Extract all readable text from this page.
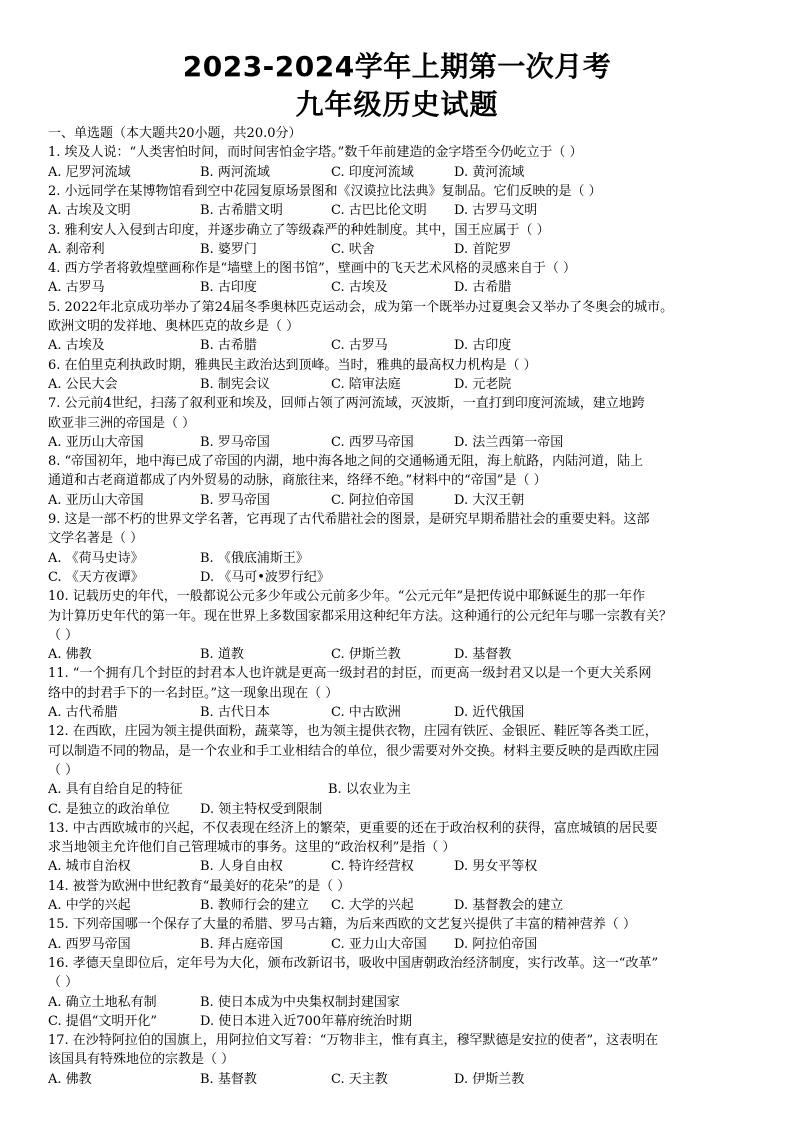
2023-2024学年上期第一次月考
九年级历史试题
一、单选题（本大题共20小题，共20.0分）
1. 埃及人说：“人类害怕时间，而时间害怕金字塔。”数千年前建造的金字塔至今仍屹立于（ ）
A. 尼罗河流域	B. 两河流域	C. 印度河流域	D. 黄河流域
2. 小远同学在某博物馆看到空中花园复原场景图和《汉谟拉比法典》复制品。它们反映的是（ ）
A. 古埃及文明	B. 古希腊文明	C. 古巴比伦文明 D. 古罗马文明
3. 雅利安人入侵到古印度，并逐步确立了等级森严的种姓制度。其中，国王应属于（ ）
A. 刹帝利	B. 婆罗门	C. 吠舍	D. 首陀罗
4. 西方学者将敦煌壁画称作是“墙壁上的图书馆”，壁画中的飞天艺术风格的灵感来自于（ ）
A. 古罗马	B. 古印度	C. 古埃及	D. 古希腊
5. 2022年北京成功举办了第24届冬季奥林匹克运动会，成为第一个既举办过夏奥会又举办了冬奥会的城市。
欧洲文明的发祥地、奥林匹克的故乡是（ ）
A. 古埃及	B. 古希腊	C. 古罗马	D. 古印度
6. 在伯里克利执政时期，雅典民主政治达到顶峰。当时，雅典的最高权力机构是（ ）
A. 公民大会	B. 制宪会议	C. 陪审法庭	D. 元老院
7. 公元前4世纪，扫荡了叙利亚和埃及，回师占领了两河流域，灭波斯，一直打到印度河流域，建立地跨
欧亚非三洲的帝国是（ ）
A. 亚历山大帝国	B. 罗马帝国	C. 西罗马帝国	D. 法兰西第一帝国
8. “帝国初年，地中海已成了帝国的内湖，地中海各地之间的交通畅通无阻，海上航路，内陆河道，陆上
通道和古老商道都成了内外贸易的动脉，商旅往来，络绎不绝。”材料中的“帝国”是（ ）
A. 亚历山大帝国	B. 罗马帝国	C. 阿拉伯帝国	D. 大汉王朝
9. 这是一部不朽的世界文学名著，它再现了古代希腊社会的图景，是研究早期希腊社会的重要史料。这部
文学名著是（ ）
A. 《荷马史诗》	B. 《俄底浦斯王》
C. 《天方夜谭》	D. 《马可•波罗行纪》
10. 记载历史的年代，一般都说公元多少年或公元前多少年。“公元元年”是把传说中耶稣诞生的那一年作
为计算历史年代的第一年。现在世界上多数国家都采用这种纪年方法。这种通行的公元纪年与哪一宗教有关？
（ ）
A. 佛教	B. 道教	C. 伊斯兰教	D. 基督教
11. “一个拥有几个封臣的封君本人也许就是更高一级封君的封臣，而更高一级封君又以是一个更大关系网
络中的封君手下的一名封臣。”这一现象出现在（ ）
A. 古代希腊	B. 古代日本	C. 中古欧洲	D. 近代俄国
12. 在西欧，庄园为领主提供面粉，蔬菜等，也为领主提供衣物，庄园有铁匠、金银匠、鞋匠等各类工匠，
可以制造不同的物品，是一个农业和手工业相结合的单位，很少需要对外交换。材料主要反映的是西欧庄园
（ ）
A. 具有自给自足的特征	B. 以农业为主
C. 是独立的政治单位 D. 领主特权受到限制
13. 中古西欧城市的兴起，不仅表现在经济上的繁荣，更重要的还在于政治权利的获得，富庶城镇的居民要
求当地领主允许他们自己管理城市的事务。这里的“政治权利”是指（ ）
A. 城市自治权	B. 人身自由权	C. 特许经营权	D. 男女平等权
14. 被誉为欧洲中世纪教育“最美好的花朵”的是（ ）
A. 中学的兴起	B. 教师行会的建立 C. 大学的兴起	D. 基督教会的建立
15. 下列帝国哪一个保存了大量的希腊、罗马古籍，为后来西欧的文艺复兴提供了丰富的精神营养（ ）
A. 西罗马帝国	B. 拜占庭帝国	C. 亚力山大帝国 D. 阿拉伯帝国
16. 孝德天皇即位后，定年号为大化，颁布改新诏书，吸收中国唐朝政治经济制度，实行改革。这一“改革”
（ ）
A. 确立土地私有制	B. 使日本成为中央集权制封建国家
C. 提倡“文明开化”	D. 使日本进入近700年幕府统治时期
17. 在沙特阿拉伯的国旗上，用阿拉伯文写着：“万物非主，惟有真主，穆罕默德是安拉的使者”，这表明在
该国具有特殊地位的宗教是（ ）
A. 佛教	B. 基督教	C. 天主教	D. 伊斯兰教
